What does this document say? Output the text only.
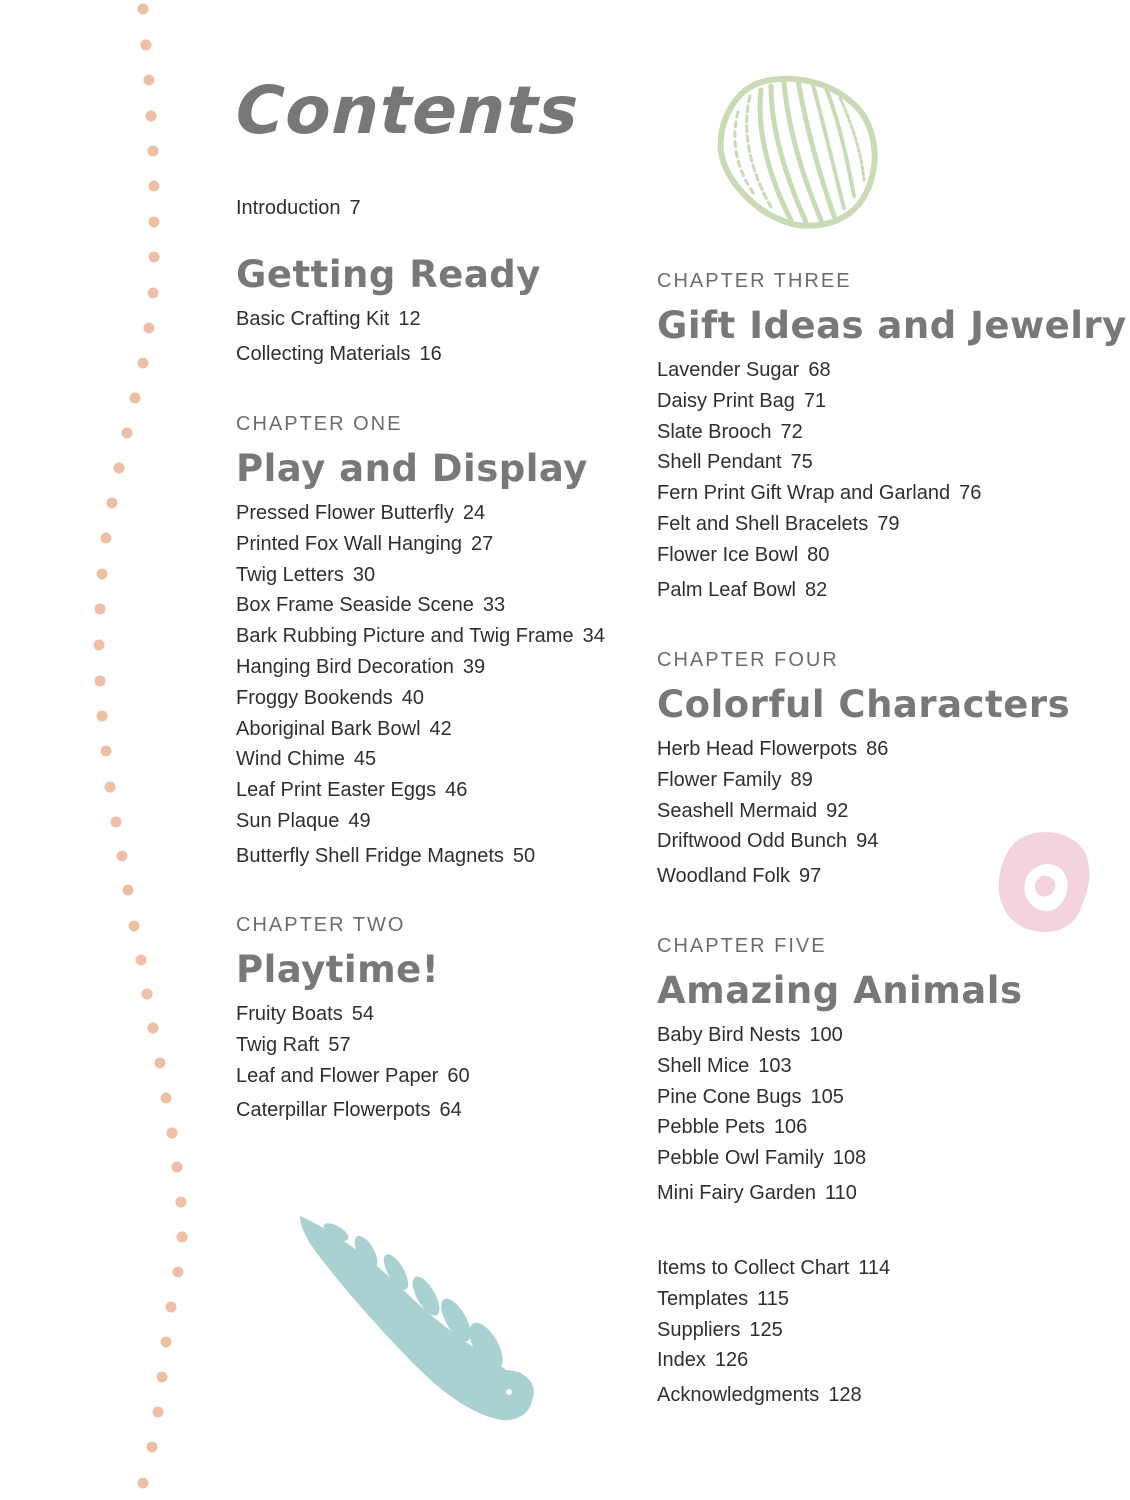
Contents
Introduction 7
Getting Ready
Basic Crafting Kit 12
Collecting Materials 16
CHAPTER ONE
Play and Display
Pressed Flower Butterfly 24
Printed Fox Wall Hanging 27
Twig Letters 30
Box Frame Seaside Scene 33
Bark Rubbing Picture and Twig Frame 34
Hanging Bird Decoration 39
Froggy Bookends 40
Aboriginal Bark Bowl 42
Wind Chime 45
Leaf Print Easter Eggs 46
Sun Plaque 49
Butterfly Shell Fridge Magnets 50
CHAPTER TWO
Playtime!
Fruity Boats 54
Twig Raft 57
Leaf and Flower Paper 60
Caterpillar Flowerpots 64
CHAPTER THREE
Gift Ideas and Jewelry
Lavender Sugar 68
Daisy Print Bag 71
Slate Brooch 72
Shell Pendant 75
Fern Print Gift Wrap and Garland 76
Felt and Shell Bracelets 79
Flower Ice Bowl 80
Palm Leaf Bowl 82
CHAPTER FOUR
Colorful Characters
Herb Head Flowerpots 86
Flower Family 89
Seashell Mermaid 92
Driftwood Odd Bunch 94
Woodland Folk 97
CHAPTER FIVE
Amazing Animals
Baby Bird Nests 100
Shell Mice 103
Pine Cone Bugs 105
Pebble Pets 106
Pebble Owl Family 108
Mini Fairy Garden 110
Items to Collect Chart 114
Templates 115
Suppliers 125
Index 126
Acknowledgments 128
